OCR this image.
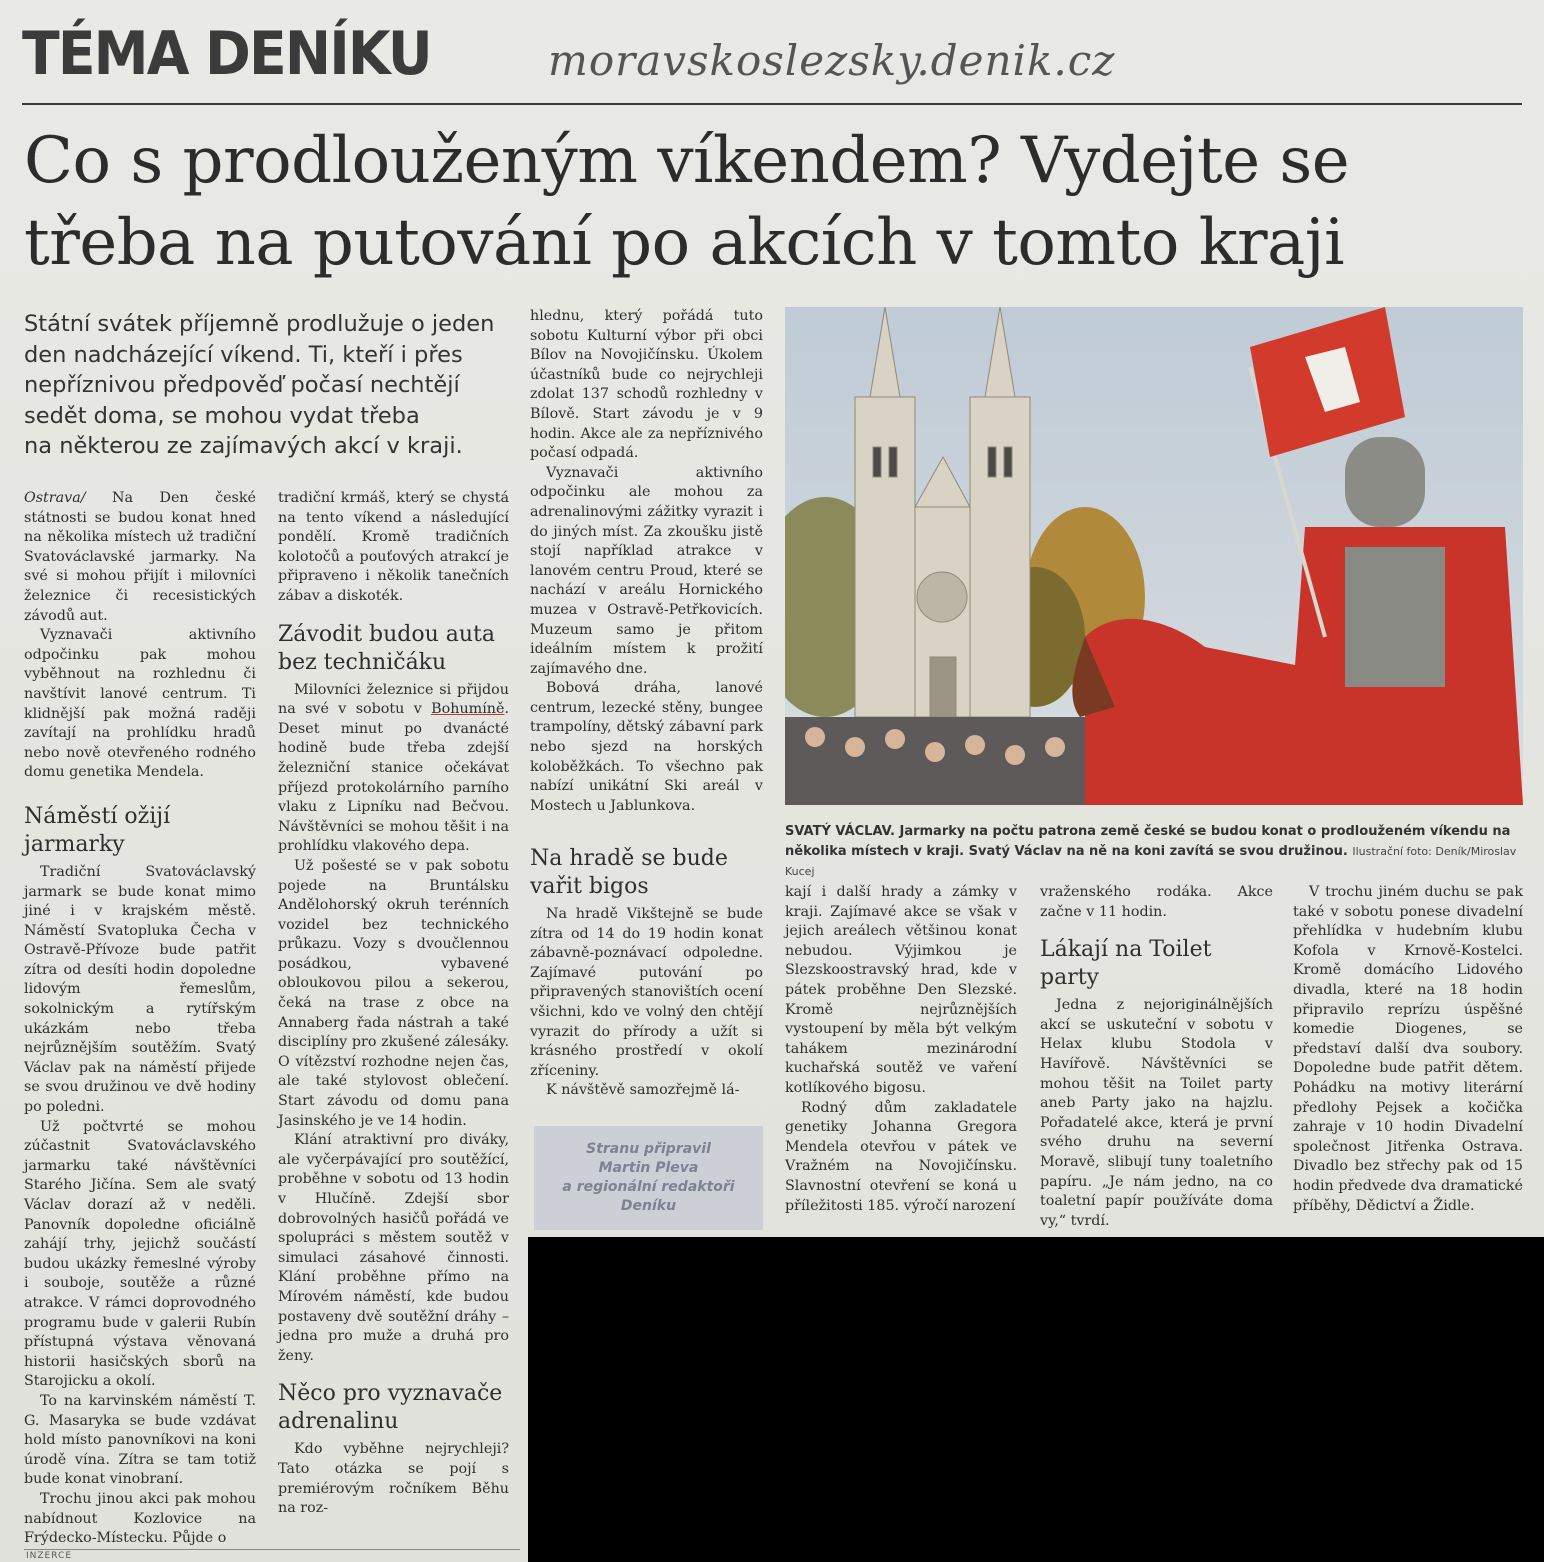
TÉMA DENÍKU	moravskoslezsky.denik.cz
Co s prodlouženým víkendem? Vydejte se
třeba na putování po akcích v tomto kraji
Státní svátek příjemně prodlužuje o jeden
den nadcházející víkend. Ti, kteří i přes
nepříznivou předpověď počasí nechtějí
sedět doma, se mohou vydat třeba
na některou ze zajímavých akcí v kraji.

Ostrava/ Na Den české státnosti se budou konat hned na několika místech už tradiční Svatováclavské jarmarky. Na své si mohou přijít i milovníci železnice či recesistických závodů aut.

Vyznavači aktivního odpočinku pak mohou vyběhnout na rozhlednu či navštívit lanové centrum. Ti klidnější pak možná raději zavítají na prohlídku hradů nebo nově otevřeného rodného domu genetika Mendela.

Náměstí ožijí jarmarky

Tradiční Svatováclavský jarmark se bude konat mimo jiné i v krajském městě. Náměstí Svatopluka Čecha v Ostravě-Přívoze bude patřit zítra od desíti hodin dopoledne lidovým řemeslům, sokolnickým a rytířským ukázkám nebo třeba nejrůznějším soutěžím. Svatý Václav pak na náměstí přijede se svou družinou ve dvě hodiny po poledni.

Už počtvrté se mohou zúčastnit Svatováclavského jarmarku také návštěvníci Starého Jičína. Sem ale svatý Václav dorazí až v neděli. Panovník dopoledne oficiálně zahájí trhy, jejichž součástí budou ukázky řemeslné výroby i souboje, soutěže a různé atrakce. V rámci doprovodného programu bude v galerii Rubín přístupná výstava věnovaná historii hasičských sborů na Starojicku a okolí.

To na karvinském náměstí T. G. Masaryka se bude vzdávat hold místo panovníkovi na koni úrodě vína. Zítra se tam totiž bude konat vinobraní.

Trochu jinou akci pak mohou nabídnout Kozlovice na Frýdecko-Místecku. Půjde o

tradiční krmáš, který se chystá na tento víkend a následující pondělí. Kromě tradičních kolotočů a pouťových atrakcí je připraveno i několik tanečních zábav a diskoték.

Závodit budou auta bez techničáku

Milovníci železnice si přijdou na své v sobotu v Bohumíně. Deset minut po dvanácté hodině bude třeba zdejší železniční stanice očekávat příjezd protokolárního parního vlaku z Lipníku nad Bečvou. Návštěvníci se mohou těšit i na prohlídku vlakového depa.

Už pošesté se v pak sobotu pojede na Bruntálsku Andělohorský okruh terénních vozidel bez technického průkazu. Vozy s dvoučlennou posádkou, vybavené obloukovou pilou a sekerou, čeká na trase z obce na Annaberg řada nástrah a také disciplíny pro zkušené zálesáky. O vítězství rozhodne nejen čas, ale také stylovost oblečení. Start závodu od domu pana Jasinského je ve 14 hodin.

Klání atraktivní pro diváky, ale vyčerpávající pro soutěžící, proběhne v sobotu od 13 hodin v Hlučíně. Zdejší sbor dobrovolných hasičů pořádá ve spolupráci s městem soutěž v simulaci zásahové činnosti. Klání proběhne přímo na Mírovém náměstí, kde budou postaveny dvě soutěžní dráhy – jedna pro muže a druhá pro ženy.

Něco pro vyznavače adrenalinu

Kdo vyběhne nejrychleji? Tato otázka se pojí s premiérovým ročníkem Běhu na roz-

hlednu, který pořádá tuto sobotu Kulturní výbor při obci Bílov na Novojičínsku. Úkolem účastníků bude co nejrychleji zdolat 137 schodů rozhledny v Bílově. Start závodu je v 9 hodin. Akce ale za nepříznivého počasí odpadá.

Vyznavači aktivního odpočinku ale mohou za adrenalinovými zážitky vyrazit i do jiných míst. Za zkoušku jistě stojí například atrakce v lanovém centru Proud, které se nachází v areálu Hornického muzea v Ostravě-Petřkovicích. Muzeum samo je přitom ideálním místem k prožití zajímavého dne.

Bobová dráha, lanové centrum, lezecké stěny, bungee trampolíny, dětský zábavní park nebo sjezd na horských koloběžkách. To všechno pak nabízí unikátní Ski areál v Mostech u Jablunkova.

Na hradě se bude vařit bigos

Na hradě Vikštejně se bude zítra od 14 do 19 hodin konat zábavně-poznávací odpoledne. Zajímavé putování po připravených stanovištích ocení všichni, kdo ve volný den chtějí vyrazit do přírody a užít si krásného prostředí v okolí zříceniny.

K návštěvě samozřejmě lá-

SVATÝ VÁCLAV. Jarmarky na počtu patrona země české se budou konat o prodlouženém víkendu na několika místech v kraji. Svatý Václav na ně na koni zavítá se svou družinou. Ilustrační foto: Deník/Miroslav Kucej

kají i další hrady a zámky v kraji. Zajímavé akce se však v jejich areálech většinou konat nebudou. Výjimkou je Slezskoostravský hrad, kde v pátek proběhne Den Slezské. Kromě nejrůznějších vystoupení by měla být velkým tahákem mezinárodní kuchařská soutěž ve vaření kotlíkového bigosu.

Rodný dům zakladatele genetiky Johanna Gregora Mendela otevřou v pátek ve Vražném na Novojičínsku. Slavnostní otevření se koná u příležitosti 185. výročí narození

vraženského rodáka. Akce začne v 11 hodin.

Lákají na Toilet party

Jedna z nejoriginálnějších akcí se uskuteční v sobotu v Helax klubu Stodola v Havířově. Návštěvníci se mohou těšit na Toilet party aneb Party jako na hajzlu. Pořadatelé akce, která je první svého druhu na severní Moravě, slibují tuny toaletního papíru. „Je nám jedno, na co toaletní papír používáte doma vy,“ tvrdí.

V trochu jiném duchu se pak také v sobotu ponese divadelní přehlídka v hudebním klubu Kofola v Krnově-Kostelci. Kromě domácího Lidového divadla, které na 18 hodin připravilo reprízu úspěšné komedie Diogenes, se představí další dva soubory. Dopoledne bude patřit dětem. Pohádku na motivy literární předlohy Pejsek a kočička zahraje v 10 hodin Divadelní společnost Jitřenka Ostrava. Divadlo bez střechy pak od 15 hodin předvede dva dramatické příběhy, Dědictví a Židle.

Stranu připravil
Martin Pleva
a regionální redaktoři
Deníku
INZERCE
